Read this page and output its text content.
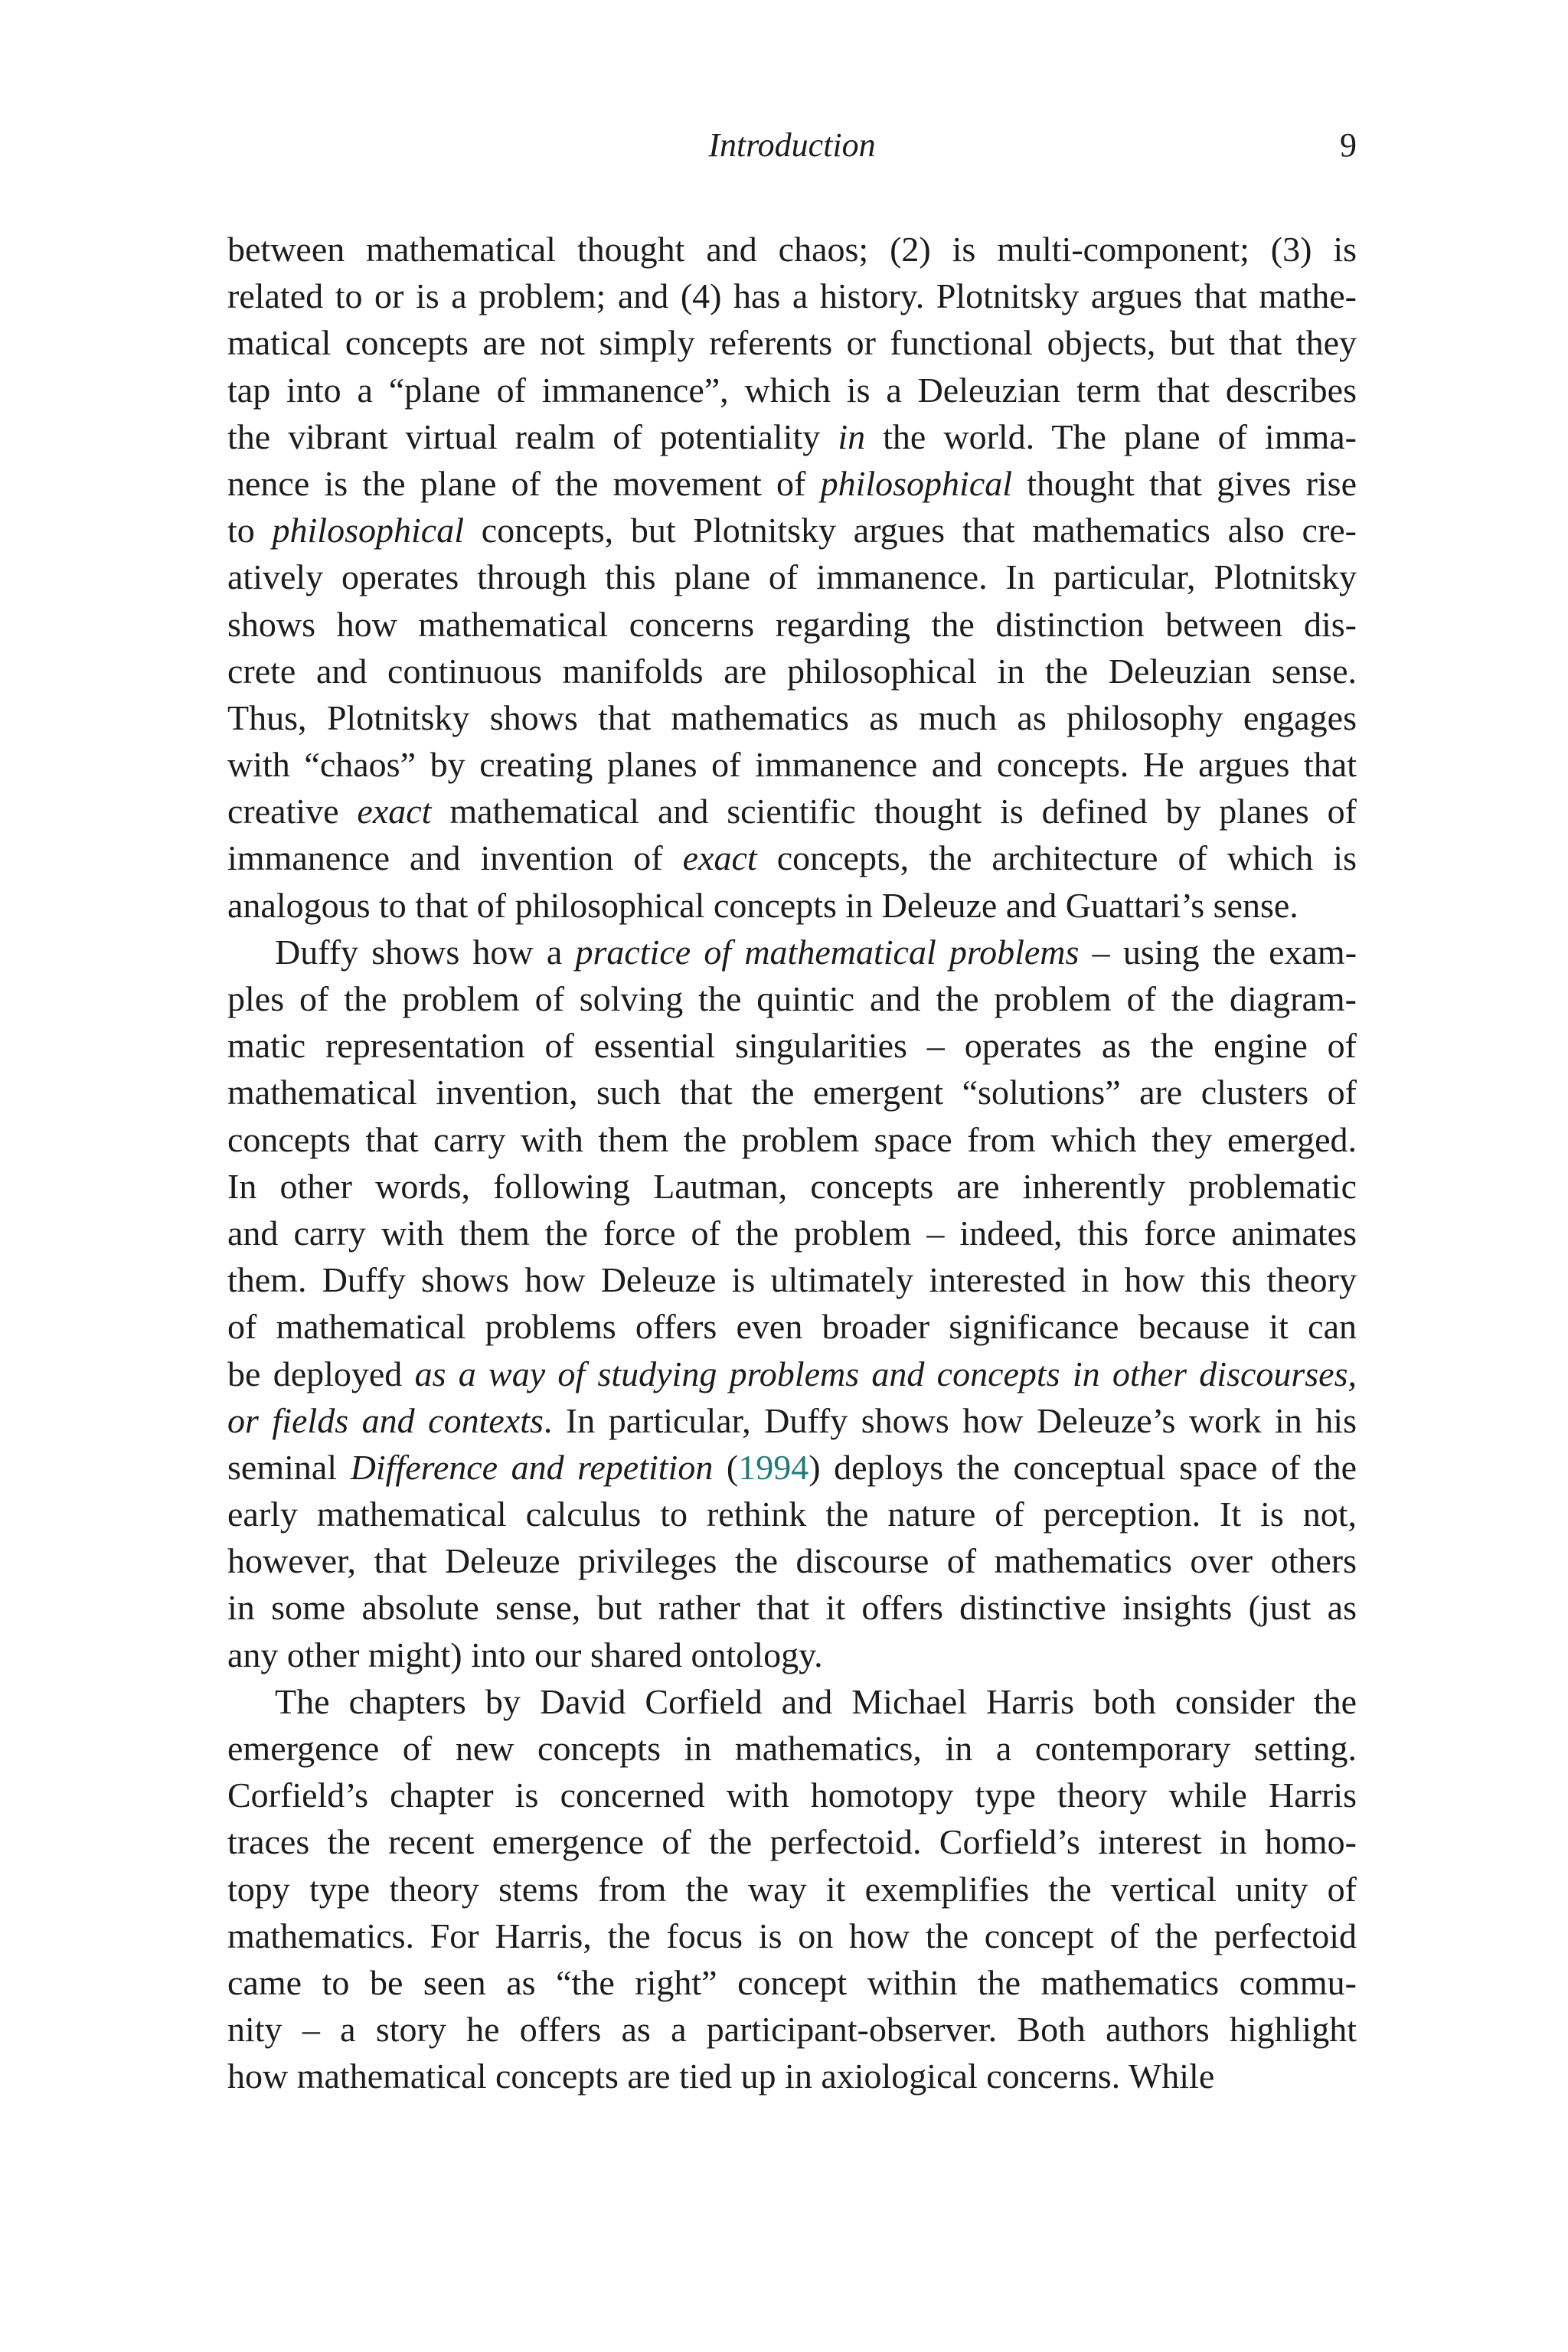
Introduction	9
between mathematical thought and chaos; (2) is multi-component; (3) is
related to or is a problem; and (4) has a history. Plotnitsky argues that mathe-
matical concepts are not simply referents or functional objects, but that they
tap into a “plane of immanence”, which is a Deleuzian term that describes
the vibrant virtual realm of potentiality in the world. The plane of imma-
nence is the plane of the movement of philosophical thought that gives rise
to philosophical concepts, but Plotnitsky argues that mathematics also cre-
atively operates through this plane of immanence. In particular, Plotnitsky
shows how mathematical concerns regarding the distinction between dis-
crete and continuous manifolds are philosophical in the Deleuzian sense.
Thus, Plotnitsky shows that mathematics as much as philosophy engages
with “chaos” by creating planes of immanence and concepts. He argues that
creative exact mathematical and scientific thought is defined by planes of
immanence and invention of exact concepts, the architecture of which is
analogous to that of philosophical concepts in Deleuze and Guattari’s sense.
Duffy shows how a practice of mathematical problems – using the exam-
ples of the problem of solving the quintic and the problem of the diagram-
matic representation of essential singularities – operates as the engine of
mathematical invention, such that the emergent “solutions” are clusters of
concepts that carry with them the problem space from which they emerged.
In other words, following Lautman, concepts are inherently problematic
and carry with them the force of the problem – indeed, this force animates
them. Duffy shows how Deleuze is ultimately interested in how this theory
of mathematical problems offers even broader significance because it can
be deployed as a way of studying problems and concepts in other discourses,
or fields and contexts. In particular, Duffy shows how Deleuze’s work in his
seminal Difference and repetition (1994) deploys the conceptual space of the
early mathematical calculus to rethink the nature of perception. It is not,
however, that Deleuze privileges the discourse of mathematics over others
in some absolute sense, but rather that it offers distinctive insights (just as
any other might) into our shared ontology.
The chapters by David Corfield and Michael Harris both consider the
emergence of new concepts in mathematics, in a contemporary setting.
Corfield’s chapter is concerned with homotopy type theory while Harris
traces the recent emergence of the perfectoid. Corfield’s interest in homo-
topy type theory stems from the way it exemplifies the vertical unity of
mathematics. For Harris, the focus is on how the concept of the perfectoid
came to be seen as “the right” concept within the mathematics commu-
nity – a story he offers as a participant-observer. Both authors highlight
how mathematical concepts are tied up in axiological concerns. While
